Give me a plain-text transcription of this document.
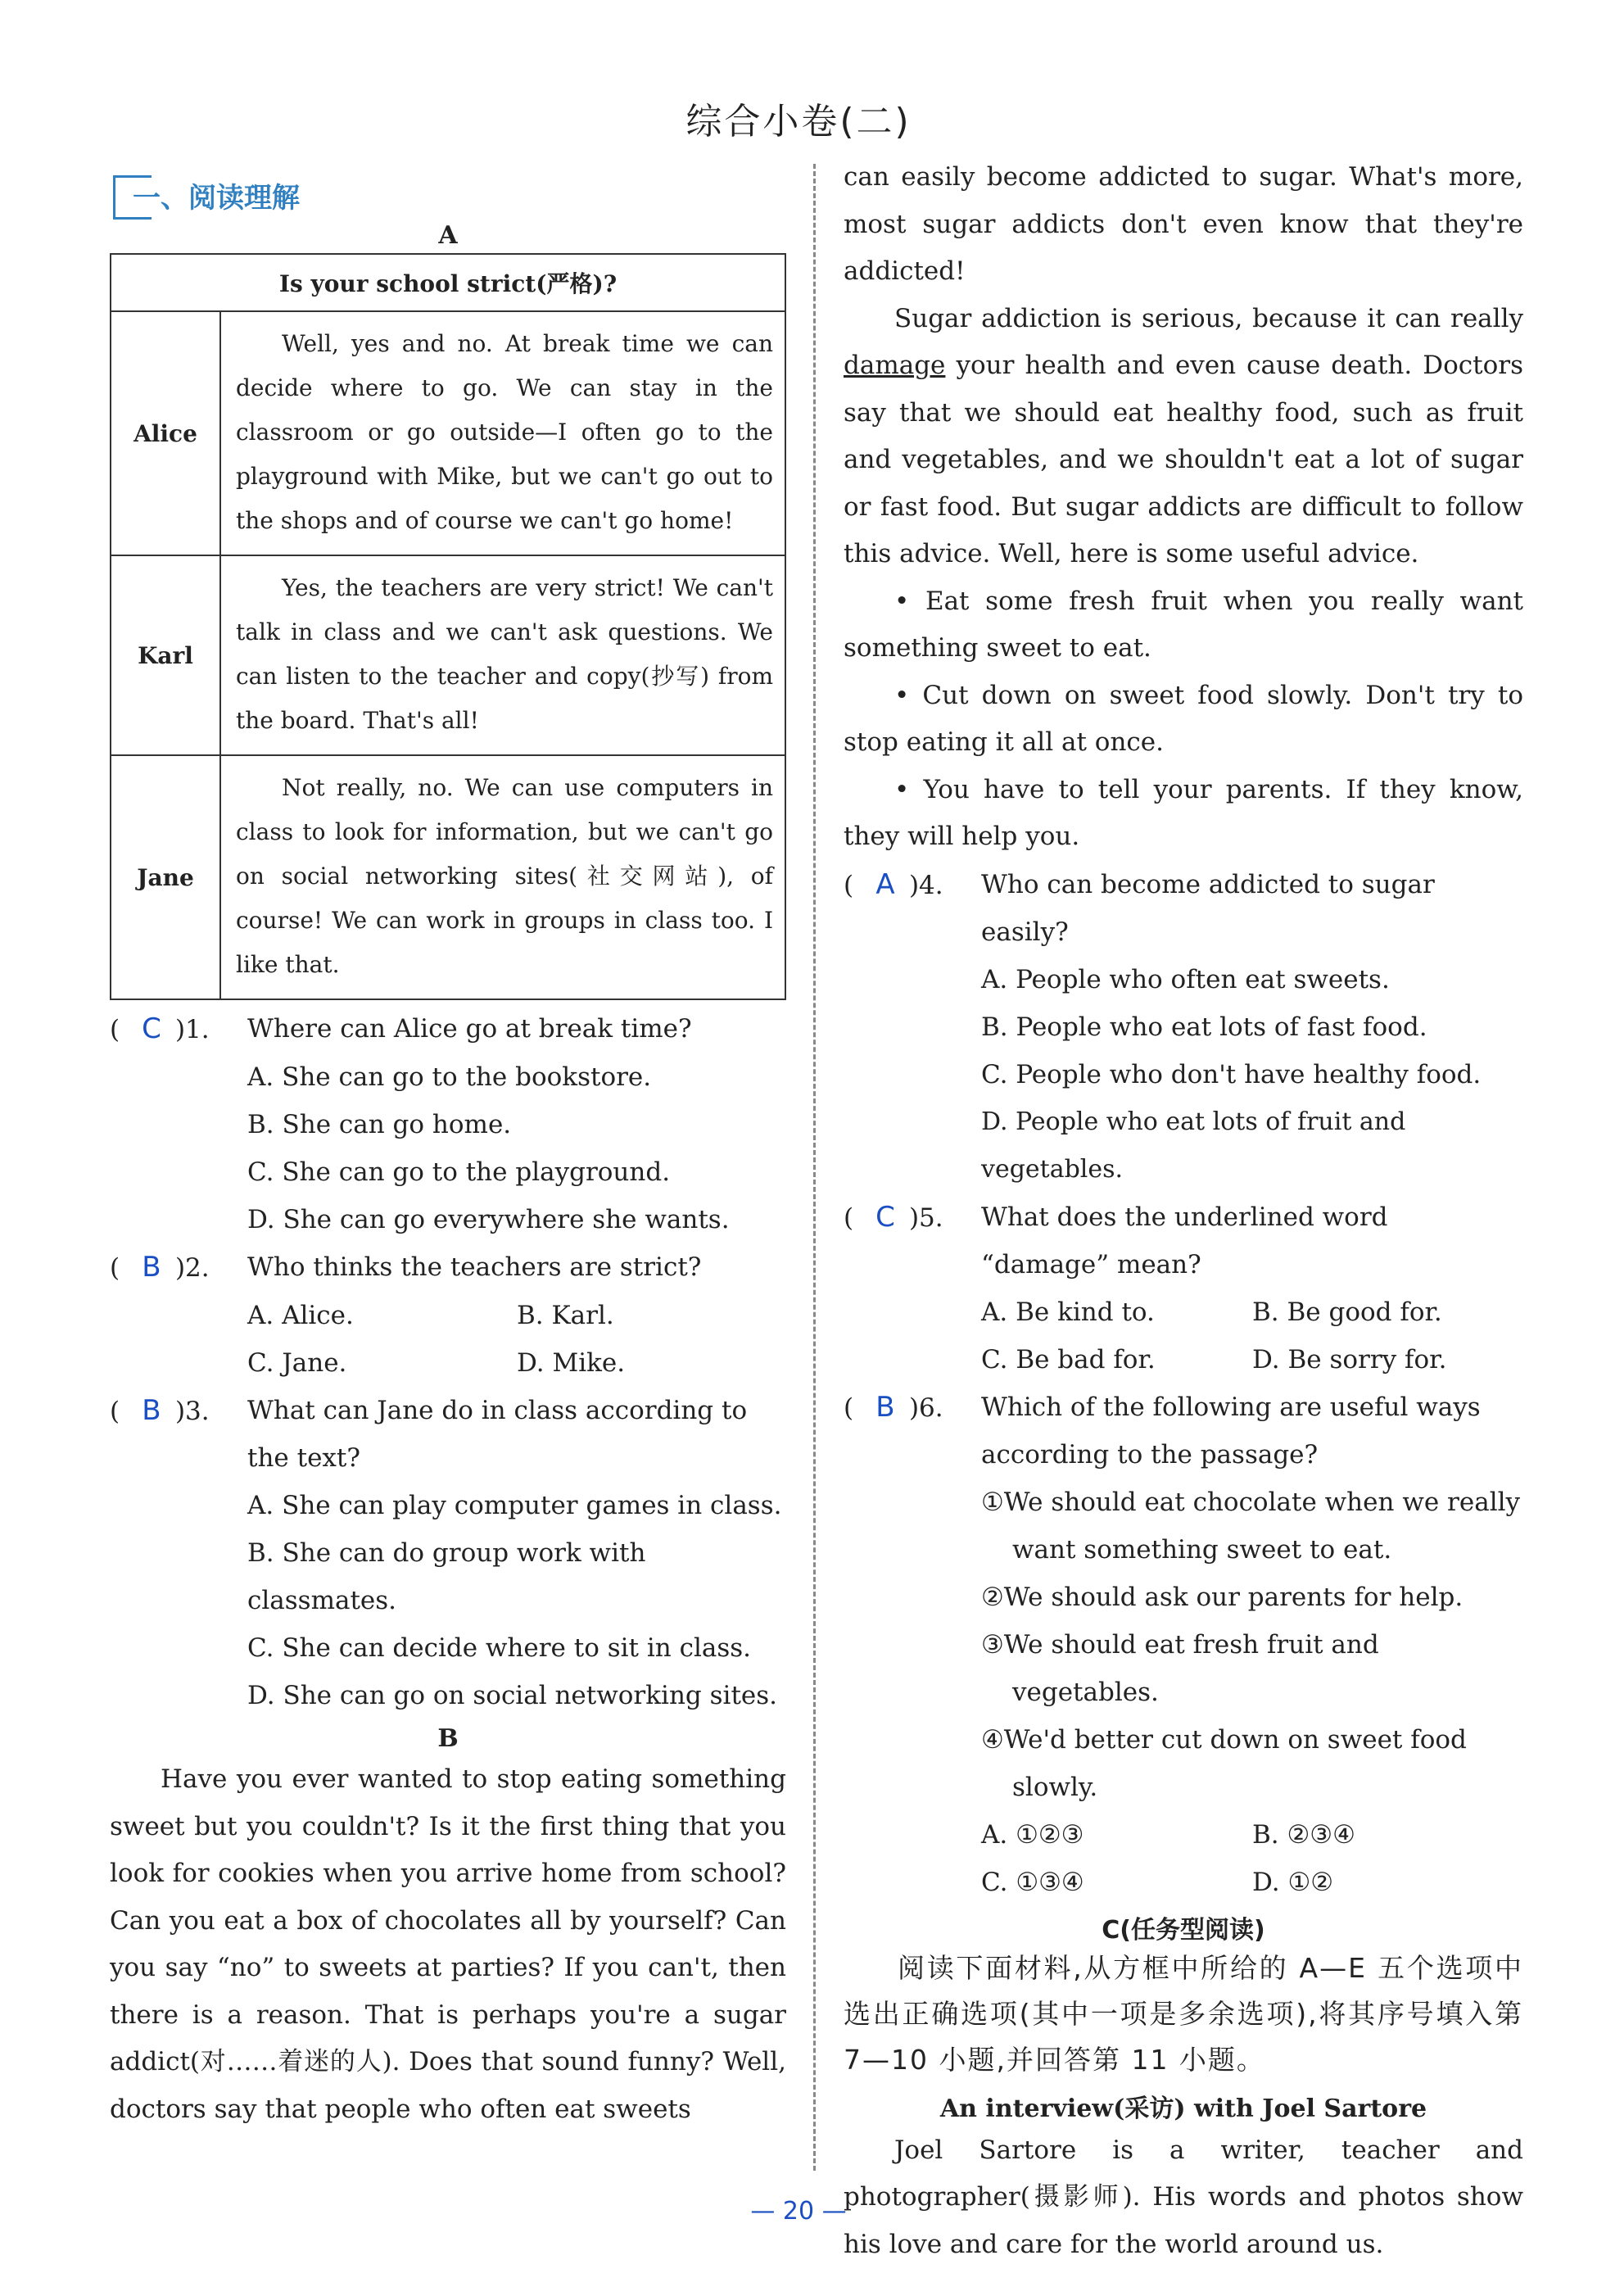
综合小卷(二)
一、阅读理解

A

Is your school strict(严格)?	
Alice	Well, yes and no. At break time we can decide where to go. We can stay in the classroom or go outside—I often go to the playground with Mike, but we can't go out to the shops and of course we can't go home!
Karl	Yes, the teachers are very strict! We can't talk in class and we can't ask questions. We can listen to the teacher and copy(抄写) from the board. That's all!
Jane	Not really, no. We can use computers in class to look for information, but we can't go on social networking sites(社交网站), of course! We can work in groups in class too. I like that.
( C )1.	Where can Alice go at break time?
A. She can go to the bookstore.
B. She can go home.
C. She can go to the playground.
D. She can go everywhere she wants.
( B )2.	Who thinks the teachers are strict?
A. Alice.	B. Karl.
C. Jane.	D. Mike.
( B )3.	What can Jane do in class according to the text?
A. She can play computer games in class.
B. She can do group work with classmates.
C. She can decide where to sit in class.
D. She can go on social networking sites.

B

Have you ever wanted to stop eating something sweet but you couldn't? Is it the first thing that you look for cookies when you arrive home from school? Can you eat a box of chocolates all by yourself? Can you say “no” to sweets at parties? If you can't, then there is a reason. That is perhaps you're a sugar addict(对……着迷的人). Does that sound funny? Well, doctors say that people who often eat sweets

can easily become addicted to sugar. What's more, most sugar addicts don't even know that they're addicted!

Sugar addiction is serious, because it can really damage your health and even cause death. Doctors say that we should eat healthy food, such as fruit and vegetables, and we shouldn't eat a lot of sugar or fast food. But sugar addicts are difficult to follow this advice. Well, here is some useful advice.

• Eat some fresh fruit when you really want something sweet to eat.

• Cut down on sweet food slowly. Don't try to stop eating it all at once.

• You have to tell your parents. If they know, they will help you.

( A )4.	Who can become addicted to sugar easily?
A. People who often eat sweets.
B. People who eat lots of fast food.
C. People who don't have healthy food.
D. People who eat lots of fruit and vegetables.
( C )5.	What does the underlined word “damage” mean?
A. Be kind to.	B. Be good for.
C. Be bad for.	D. Be sorry for.
( B )6.	Which of the following are useful ways according to the passage?
①We should eat chocolate when we really
want something sweet to eat.
②We should ask our parents for help.
③We should eat fresh fruit and
vegetables.
④We'd better cut down on sweet food
slowly.
A. ①②③	B. ②③④
C. ①③④	D. ①②

C(任务型阅读)

阅读下面材料,从方框中所给的 A—E 五个选项中选出正确选项(其中一项是多余选项),将其序号填入第 7—10 小题,并回答第 11 小题。

An interview(采访) with Joel Sartore

Joel Sartore is a writer, teacher and photographer(摄影师). His words and photos show his love and care for the world around us.

— 20 —
